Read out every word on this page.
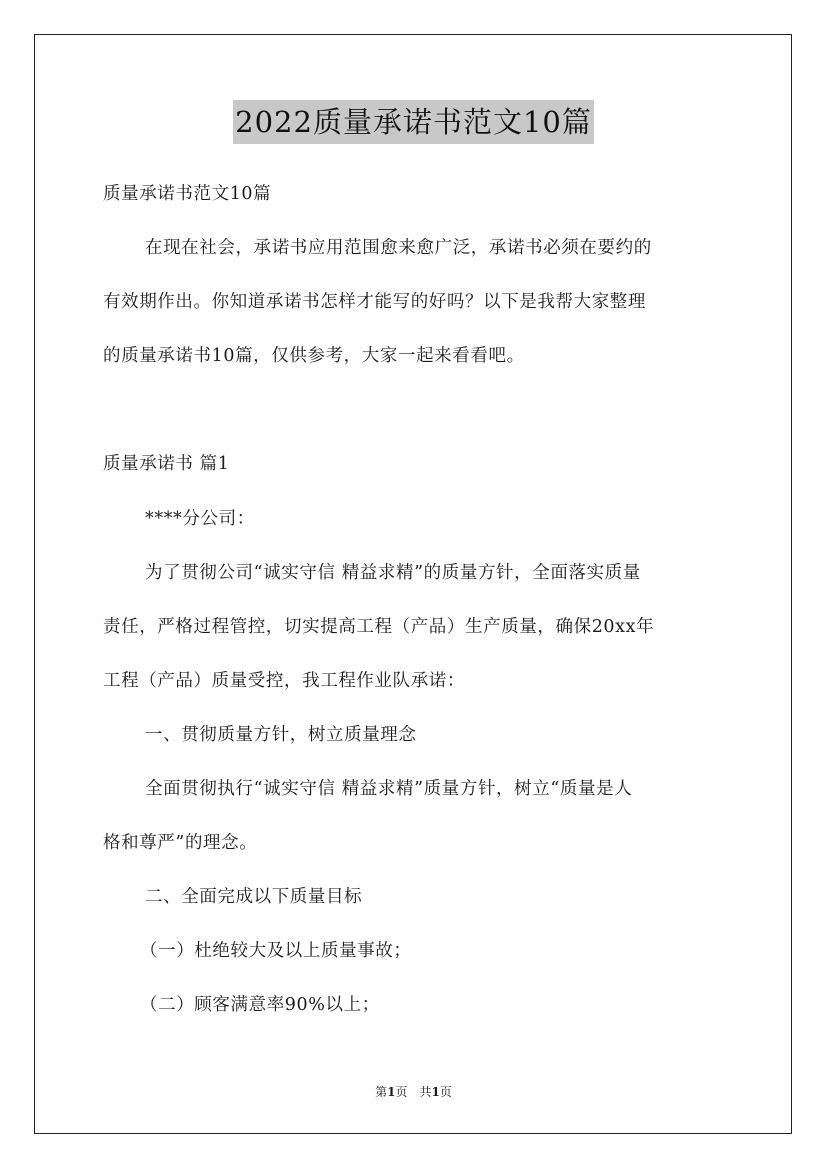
2022质量承诺书范文10篇
质量承诺书范文10篇
在现在社会，承诺书应用范围愈来愈广泛，承诺书必须在要约的
有效期作出。你知道承诺书怎样才能写的好吗？以下是我帮大家整理
的质量承诺书10篇，仅供参考，大家一起来看看吧。
质量承诺书 篇1
****分公司：
为了贯彻公司“诚实守信 精益求精”的质量方针，全面落实质量
责任，严格过程管控，切实提高工程（产品）生产质量，确保20xx年
工程（产品）质量受控，我工程作业队承诺：
一、贯彻质量方针，树立质量理念
全面贯彻执行“诚实守信 精益求精”质量方针，树立“质量是人
格和尊严”的理念。
二、全面完成以下质量目标
（一）杜绝较大及以上质量事故；
（二）顾客满意率90%以上；
第1页　共1页
